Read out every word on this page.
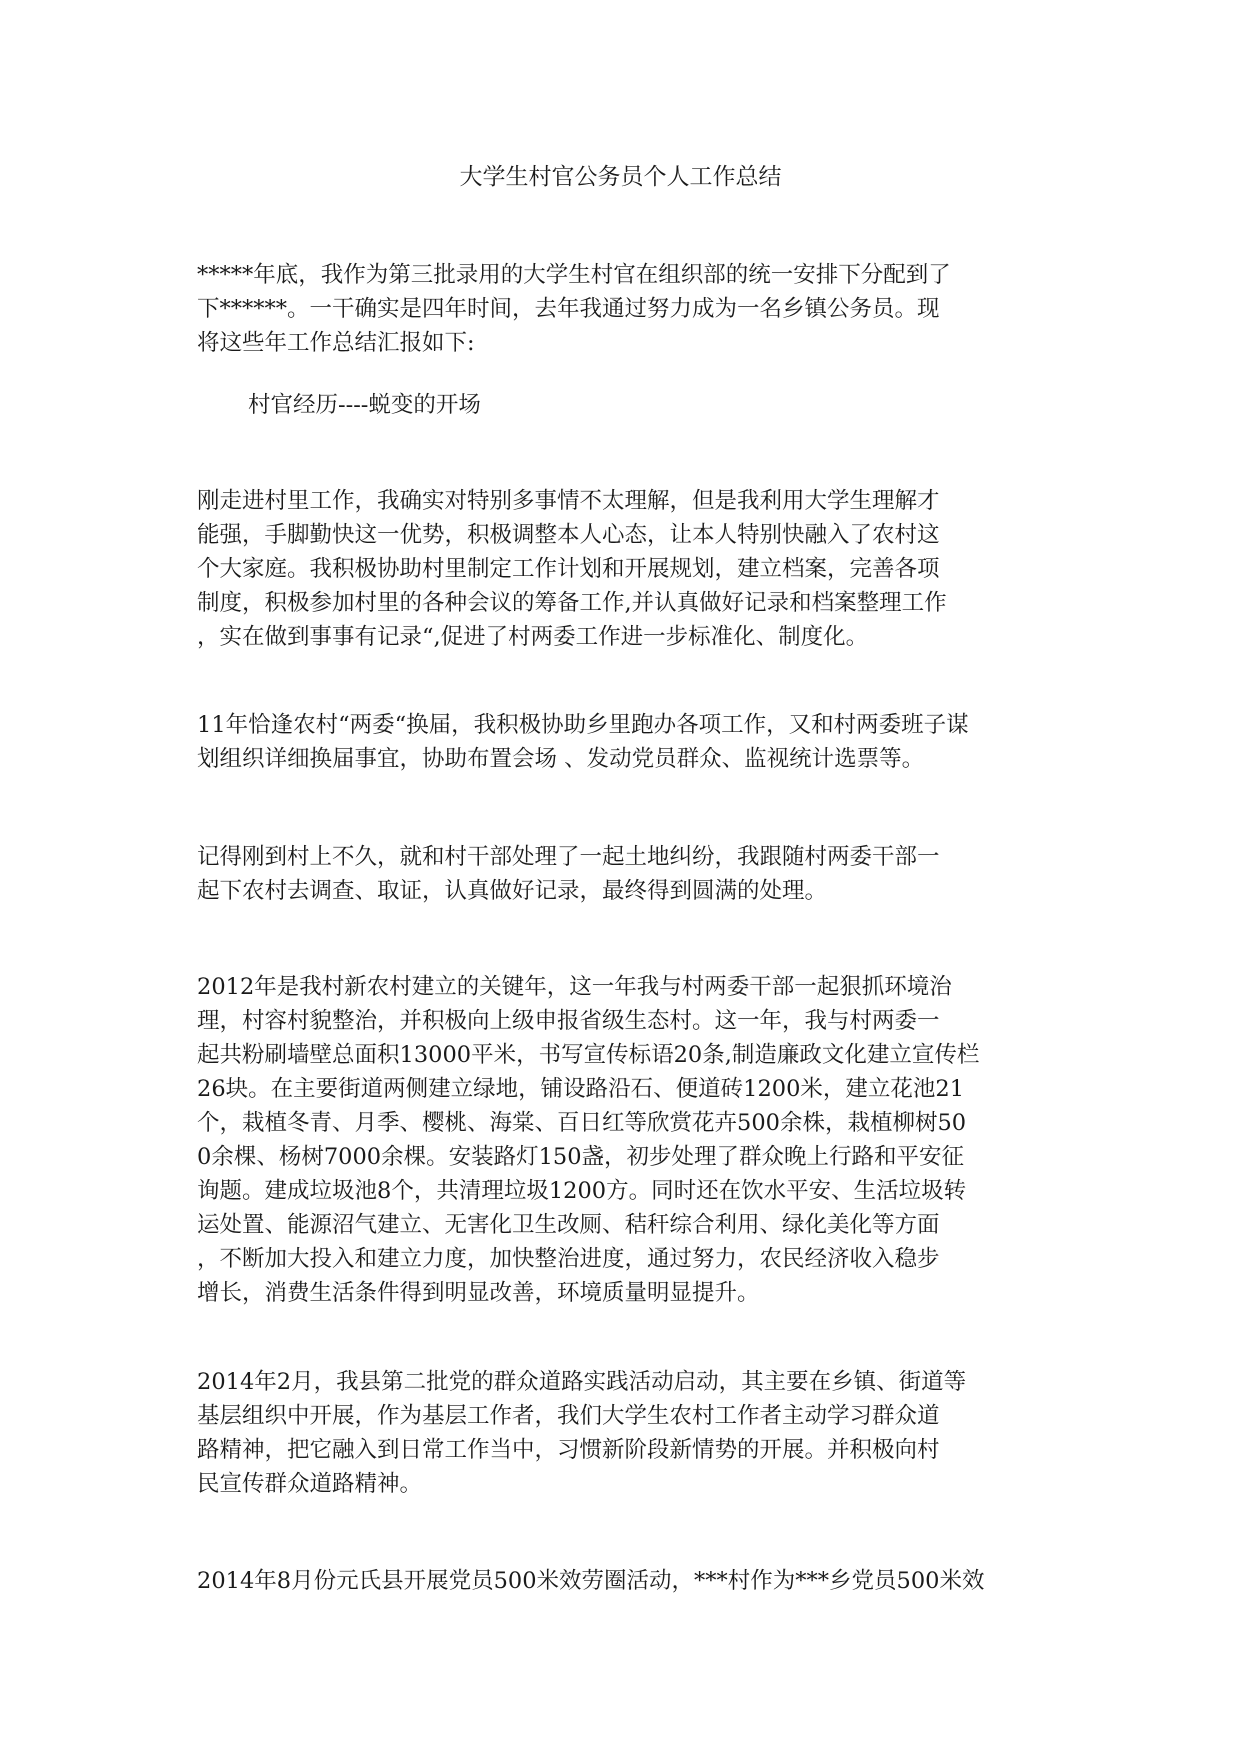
大学生村官公务员个人工作总结
*****年底，我作为第三批录用的大学生村官在组织部的统一安排下分配到了
下******。一干确实是四年时间，去年我通过努力成为一名乡镇公务员。现
将这些年工作总结汇报如下:
村官经历----蜕变的开场
刚走进村里工作，我确实对特别多事情不太理解，但是我利用大学生理解才
能强，手脚勤快这一优势，积极调整本人心态，让本人特别快融入了农村这
个大家庭。我积极协助村里制定工作计划和开展规划，建立档案，完善各项
制度，积极参加村里的各种会议的筹备工作,并认真做好记录和档案整理工作
，实在做到事事有记录“,促进了村两委工作进一步标准化、制度化。
11年恰逢农村“两委“换届，我积极协助乡里跑办各项工作，又和村两委班子谋
划组织详细换届事宜，协助布置会场 、发动党员群众、监视统计选票等。
记得刚到村上不久，就和村干部处理了一起土地纠纷，我跟随村两委干部一
起下农村去调查、取证，认真做好记录，最终得到圆满的处理。
2012年是我村新农村建立的关键年，这一年我与村两委干部一起狠抓环境治
理，村容村貌整治，并积极向上级申报省级生态村。这一年，我与村两委一
起共粉刷墙壁总面积13000平米，书写宣传标语20条,制造廉政文化建立宣传栏
26块。在主要街道两侧建立绿地，铺设路沿石、便道砖1200米，建立花池21
个，栽植冬青、月季、樱桃、海棠、百日红等欣赏花卉500余株，栽植柳树50
0余棵、杨树7000余棵。安装路灯150盏，初步处理了群众晚上行路和平安征
询题。建成垃圾池8个，共清理垃圾1200方。同时还在饮水平安、生活垃圾转
运处置、能源沼气建立、无害化卫生改厕、秸秆综合利用、绿化美化等方面
，不断加大投入和建立力度，加快整治进度，通过努力，农民经济收入稳步
增长，消费生活条件得到明显改善，环境质量明显提升。
2014年2月，我县第二批党的群众道路实践活动启动，其主要在乡镇、街道等
基层组织中开展，作为基层工作者，我们大学生农村工作者主动学习群众道
路精神，把它融入到日常工作当中，习惯新阶段新情势的开展。并积极向村
民宣传群众道路精神。
2014年8月份元氏县开展党员500米效劳圈活动，***村作为***乡党员500米效
